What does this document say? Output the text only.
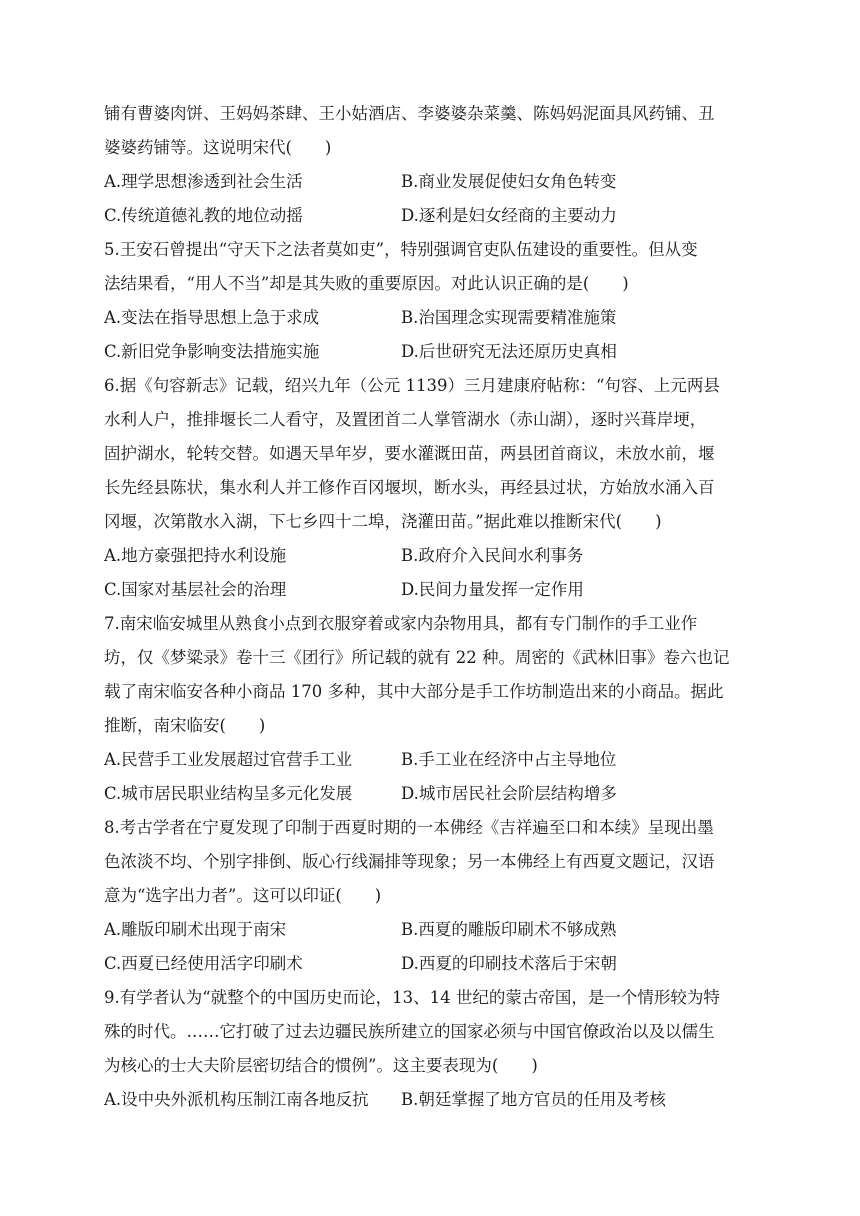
铺有曹婆肉饼、王妈妈茶肆、王小姑酒店、李婆婆杂菜羹、陈妈妈泥面具风药铺、丑
婆婆药铺等。这说明宋代(　　)
A.理学思想渗透到社会生活	B.商业发展促使妇女角色转变
C.传统道德礼教的地位动摇	D.逐利是妇女经商的主要动力
5.王安石曾提出“守天下之法者莫如吏”，特别强调官吏队伍建设的重要性。但从变
法结果看，“用人不当”却是其失败的重要原因。对此认识正确的是(　　)
A.变法在指导思想上急于求成	B.治国理念实现需要精准施策
C.新旧党争影响变法措施实施	D.后世研究无法还原历史真相
6.据《句容新志》记载，绍兴九年（公元 1139）三月建康府帖称：“句容、上元两县
水利人户，推排堰长二人看守，及置团首二人掌管湖水（赤山湖），逐时兴葺岸埂，
固护湖水，轮转交替。如遇天旱年岁，要水灌溉田苗，两县团首商议，未放水前，堰
长先经县陈状，集水利人并工修作百冈堰坝，断水头，再经县过状，方始放水涌入百
冈堰，次第散水入湖，下七乡四十二埠，浇灌田苗。”据此难以推断宋代(　　)
A.地方豪强把持水利设施	B.政府介入民间水利事务
C.国家对基层社会的治理	D.民间力量发挥一定作用
7.南宋临安城里从熟食小点到衣服穿着或家内杂物用具，都有专门制作的手工业作
坊，仅《梦粱录》卷十三《团行》所记载的就有 22 种。周密的《武林旧事》卷六也记
载了南宋临安各种小商品 170 多种，其中大部分是手工作坊制造出来的小商品。据此
推断，南宋临安(　　)
A.民营手工业发展超过官营手工业	B.手工业在经济中占主导地位
C.城市居民职业结构呈多元化发展	D.城市居民社会阶层结构增多
8.考古学者在宁夏发现了印制于西夏时期的一本佛经《吉祥遍至口和本续》呈现出墨
色浓淡不均、个别字排倒、版心行线漏排等现象；另一本佛经上有西夏文题记，汉语
意为“选字出力者”。这可以印证(　　)
A.雕版印刷术出现于南宋	B.西夏的雕版印刷术不够成熟
C.西夏已经使用活字印刷术	D.西夏的印刷技术落后于宋朝
9.有学者认为“就整个的中国历史而论，13、14 世纪的蒙古帝国，是一个情形较为特
殊的时代。……它打破了过去边疆民族所建立的国家必须与中国官僚政治以及以儒生
为核心的士大夫阶层密切结合的惯例”。这主要表现为(　　)
A.设中央外派机构压制江南各地反抗 B.朝廷掌握了地方官员的任用及考核
